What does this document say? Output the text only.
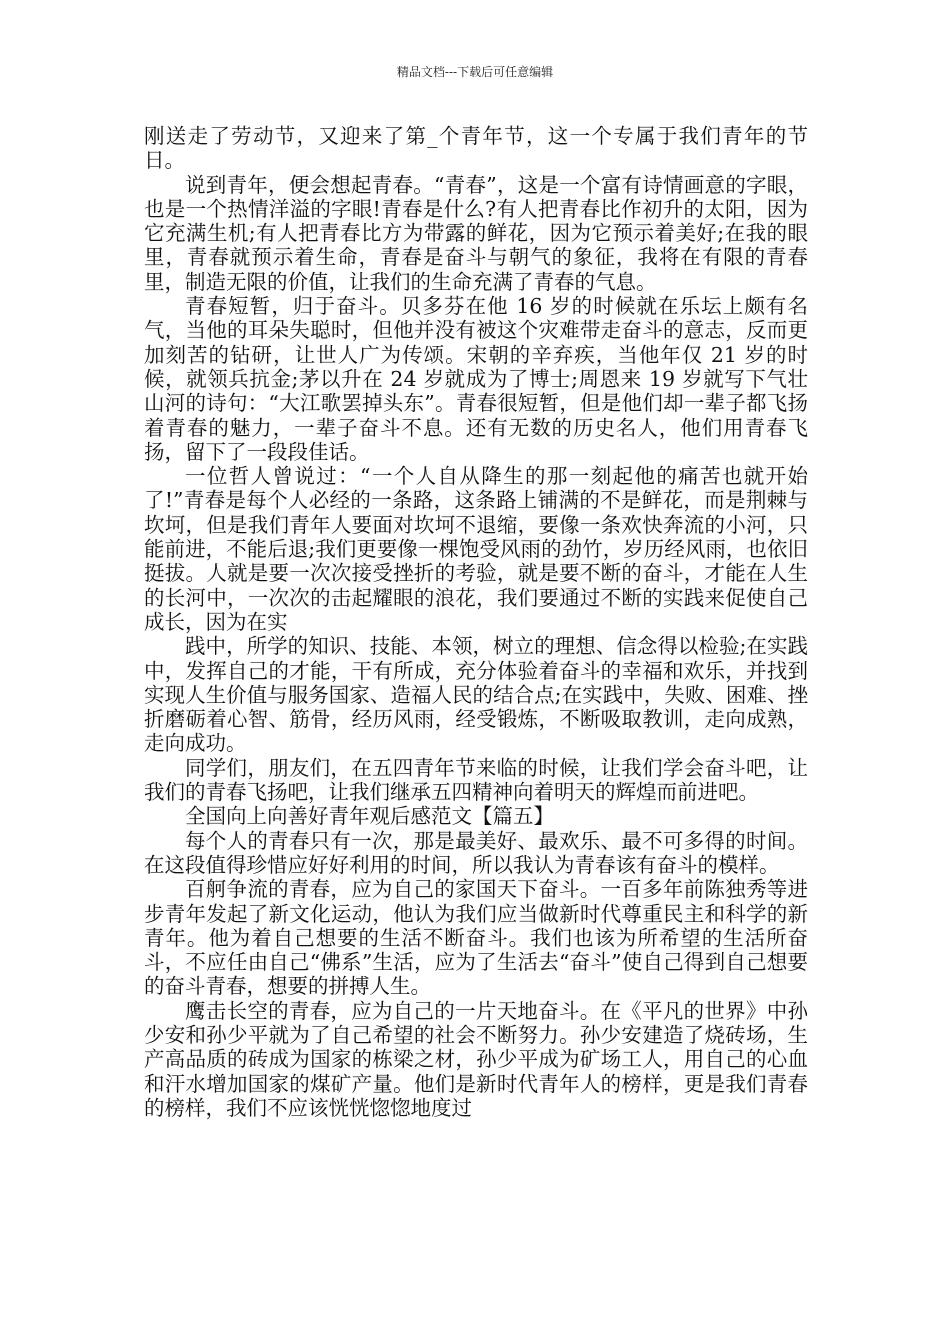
精品文档---下载后可任意编辑

刚送走了劳动节，又迎来了第_个青年节，这一个专属于我们青年的节日。

说到青年，便会想起青春。“青春”，这是一个富有诗情画意的字眼，也是一个热情洋溢的字眼!青春是什么?有人把青春比作初升的太阳，因为它充满生机;有人把青春比方为带露的鲜花，因为它预示着美好;在我的眼里，青春就预示着生命，青春是奋斗与朝气的象征，我将在有限的青春里，制造无限的价值，让我们的生命充满了青春的气息。

青春短暂，归于奋斗。贝多芬在他 16 岁的时候就在乐坛上颇有名气，当他的耳朵失聪时，但他并没有被这个灾难带走奋斗的意志，反而更加刻苦的钻研，让世人广为传颂。宋朝的辛弃疾，当他年仅 21 岁的时候，就领兵抗金;茅以升在 24 岁就成为了博士;周恩来 19 岁就写下气壮山河的诗句：“大江歌罢掉头东”。青春很短暂，但是他们却一辈子都飞扬着青春的魅力，一辈子奋斗不息。还有无数的历史名人，他们用青春飞扬，留下了一段段佳话。

一位哲人曾说过：“一个人自从降生的那一刻起他的痛苦也就开始了!”青春是每个人必经的一条路，这条路上铺满的不是鲜花，而是荆棘与坎坷，但是我们青年人要面对坎坷不退缩，要像一条欢快奔流的小河，只能前进，不能后退;我们更要像一棵饱受风雨的劲竹，岁历经风雨，也依旧挺拔。人就是要一次次接受挫折的考验，就是要不断的奋斗，才能在人生的长河中，一次次的击起耀眼的浪花，我们要通过不断的实践来促使自己成长，因为在实

践中，所学的知识、技能、本领，树立的理想、信念得以检验;在实践中，发挥自己的才能，干有所成，充分体验着奋斗的幸福和欢乐，并找到实现人生价值与服务国家、造福人民的结合点;在实践中，失败、困难、挫折磨砺着心智、筋骨，经历风雨，经受锻炼，不断吸取教训，走向成熟，走向成功。

同学们，朋友们，在五四青年节来临的时候，让我们学会奋斗吧，让我们的青春飞扬吧，让我们继承五四精神向着明天的辉煌而前进吧。

全国向上向善好青年观后感范文【篇五】

每个人的青春只有一次，那是最美好、最欢乐、最不可多得的时间。在这段值得珍惜应好好利用的时间，所以我认为青春该有奋斗的模样。

百舸争流的青春，应为自己的家国天下奋斗。一百多年前陈独秀等进步青年发起了新文化运动，他认为我们应当做新时代尊重民主和科学的新青年。他为着自己想要的生活不断奋斗。我们也该为所希望的生活所奋斗，不应任由自己“佛系”生活，应为了生活去“奋斗”使自己得到自己想要的奋斗青春，想要的拼搏人生。

鹰击长空的青春，应为自己的一片天地奋斗。在《平凡的世界》中孙少安和孙少平就为了自己希望的社会不断努力。孙少安建造了烧砖场，生产高品质的砖成为国家的栋梁之材，孙少平成为矿场工人，用自己的心血和汗水增加国家的煤矿产量。他们是新时代青年人的榜样，更是我们青春的榜样，我们不应该恍恍惚惚地度过
